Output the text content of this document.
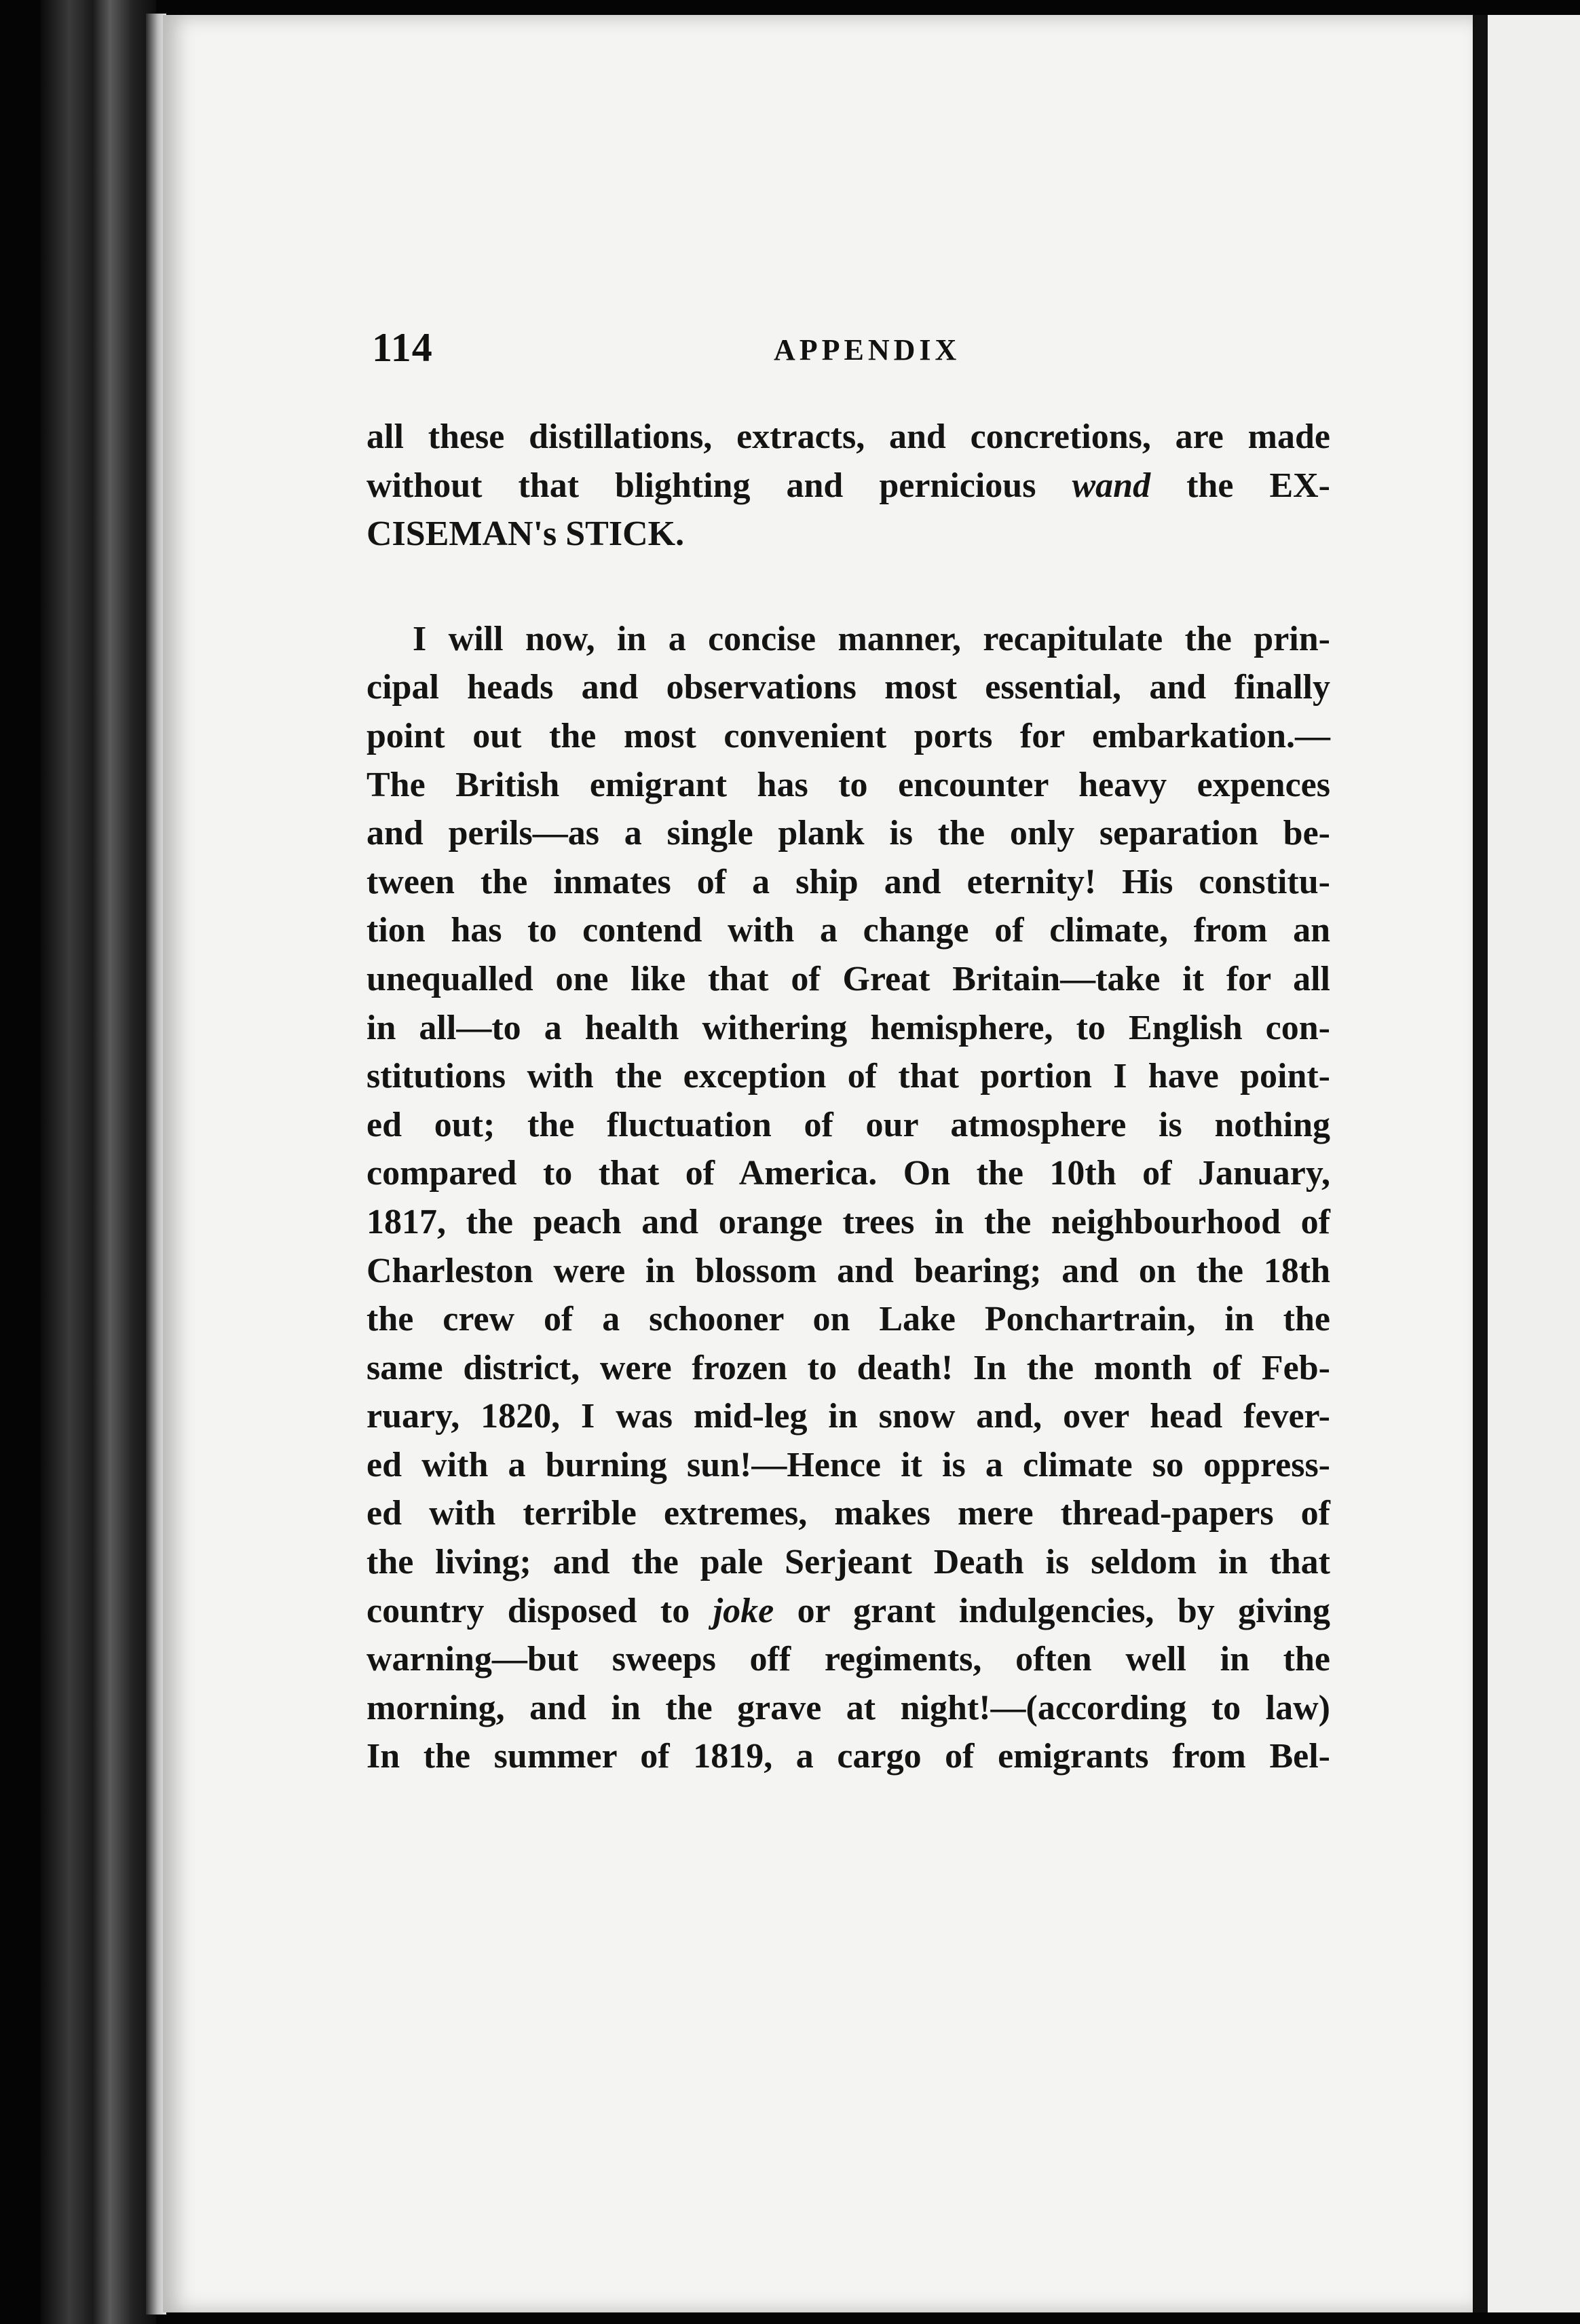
114	APPENDIX

all these distillations, extracts, and concretions, are made
without that blighting and pernicious wand the EX-
CISEMAN's STICK.

I will now, in a concise manner, recapitulate the prin-
cipal heads and observations most essential, and finally
point out the most convenient ports for embarkation.—
The British emigrant has to encounter heavy expences
and perils—as a single plank is the only separation be-
tween the inmates of a ship and eternity! His constitu-
tion has to contend with a change of climate, from an
unequalled one like that of Great Britain—take it for all
in all—to a health withering hemisphere, to English con-
stitutions with the exception of that portion I have point-
ed out; the fluctuation of our atmosphere is nothing
compared to that of America. On the 10th of January,
1817, the peach and orange trees in the neighbourhood of
Charleston were in blossom and bearing; and on the 18th
the crew of a schooner on Lake Ponchartrain, in the
same district, were frozen to death! In the month of Feb-
ruary, 1820, I was mid-leg in snow and, over head fever-
ed with a burning sun!—Hence it is a climate so oppress-
ed with terrible extremes, makes mere thread-papers of
the living; and the pale Serjeant Death is seldom in that
country disposed to joke or grant indulgencies, by giving
warning—but sweeps off regiments, often well in the
morning, and in the grave at night!—(according to law)
In the summer of 1819, a cargo of emigrants from Bel-
